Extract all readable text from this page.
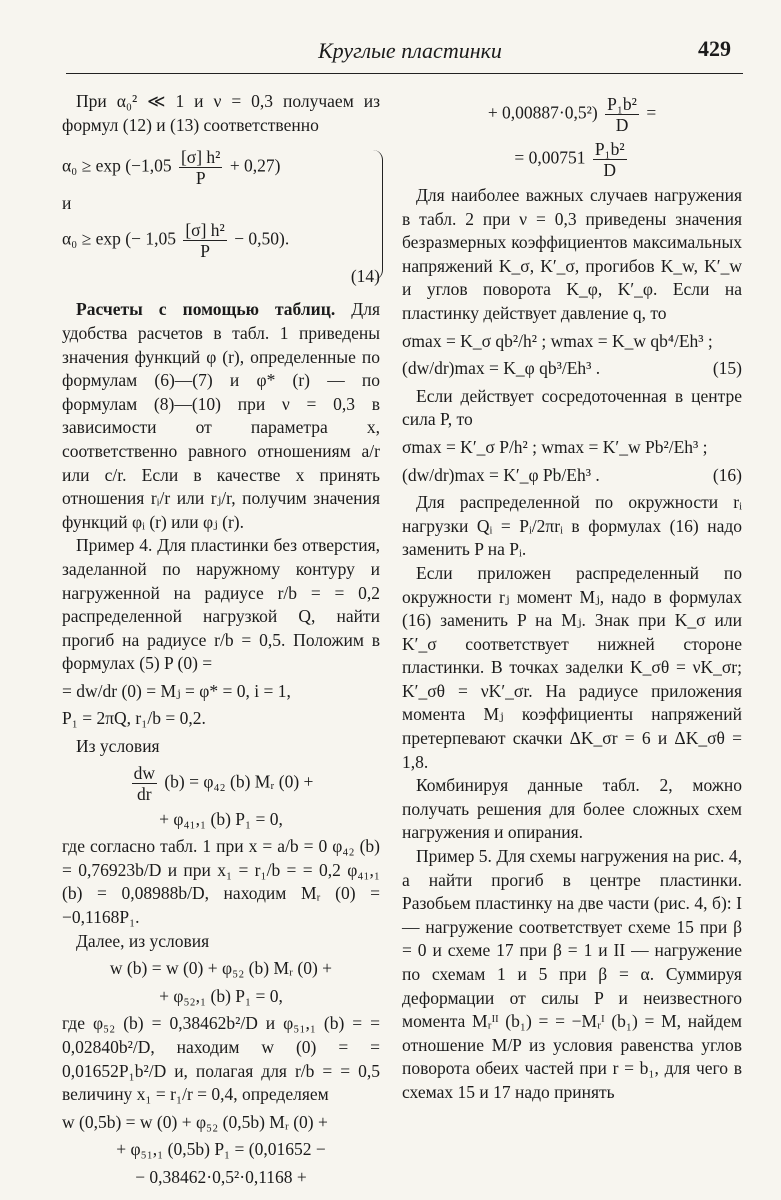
Круглые пластинки	429

При α₀² ≪ 1 и ν = 0,3 получаем из формул (12) и (13) соответственно

$\alpha_0 \ge \exp (-1,05 \frac{\text{[σ] h²}}{P} + 0,27)$
и
α₀ ≥ exp (− $1,05 \frac{\text{[σ] h²}}{P} - 0,50$).
(14)

Расчеты с помощью таблиц. Для удобства расчетов в табл. 1 приведены значения функций φ (r), определенные по формулам (6)—(7) и φ* (r) — по формулам (8)—(10) при ν = 0,3 в зависимости от параметра x, соответственно равного отношениям a/r или c/r. Если в качестве x принять отношения rᵢ/r или rⱼ/r, получим значения функций φᵢ (r) или φⱼ (r).

Пример 4. Для пластинки без отверстия, заделанной по наружному контуру и нагруженной на радиусе r/b = = 0,2 распределенной нагрузкой Q, найти прогиб на радиусе r/b = 0,5. Положим в формулах (5) P (0) =

= dw/dr (0) = Mⱼ = φ* = 0, i = 1,
P₁ = 2πQ, r₁/b = 0,2.

Из условия

$\frac{dw}{dr} (b) = \varphi_{42}$ (b) Mᵣ (0) +
+ φ₄₁,₁ (b) P₁ = 0,

где согласно табл. 1 при x = a/b = 0 φ₄₂ (b) = 0,76923b/D и при x₁ = r₁/b = = 0,2 φ₄₁,₁ (b) = 0,08988b/D, находим Mᵣ (0) = −0,1168P₁.

Далее, из условия

w (b) = w (0) + φ₅₂ (b) Mᵣ (0) +
+ φ₅₂,₁ (b) P₁ = 0,

где φ₅₂ (b) = 0,38462b²/D и φ₅₁,₁ (b) = = 0,02840b²/D, находим w (0) = = 0,01652P₁b²/D и, полагая для r/b = = 0,5 величину x₁ = r₁/r = 0,4, определяем

w (0,5b) = w (0) + φ₅₂ (0,5b) Mᵣ (0) +
+ φ₅₁,₁ (0,5b) P₁ = (0,01652 −
− 0,38462·0,5²·0,1168 +
+ $0,00887\cdot 0,5^2) \frac{\text{P₁b²}}{D}$ =
= $0,00751 \frac{\text{P₁b²}}{D}$

Для наиболее важных случаев нагружения в табл. 2 при ν = 0,3 приведены значения безразмерных коэффициентов максимальных напряжений K_σ, K′_σ, прогибов K_w, K′_w и углов поворота K_φ, K′_φ. Если на пластинку действует давление q, то

σmax = K_σ qb²/h² ; wmax = K_w qb⁴/Eh³ ;
(dw/dr)max = K_φ qb³/Eh³ .	(15)

Если действует сосредоточенная в центре сила P, то

σmax = K′_σ P/h² ; wmax = K′_w Pb²/Eh³ ;
(dw/dr)max = K′_φ Pb/Eh³ .	(16)

Для распределенной по окружности rᵢ нагрузки Qᵢ = Pᵢ/2πrᵢ в формулах (16) надо заменить P на Pᵢ.

Если приложен распределенный по окружности rⱼ момент Mⱼ, надо в формулах (16) заменить P на Mⱼ. Знак при K_σ или K′_σ соответствует нижней стороне пластинки. В точках заделки K_σθ = νK_σr; K′_σθ = νK′_σr. На радиусе приложения момента Mⱼ коэффициенты напряжений претерпевают скачки ΔK_σr = 6 и ΔK_σθ = 1,8.

Комбинируя данные табл. 2, можно получать решения для более сложных схем нагружения и опирания.

Пример 5. Для схемы нагружения на рис. 4, a найти прогиб в центре пластинки. Разобьем пластинку на две части (рис. 4, б): I — нагружение соответствует схеме 15 при β = 0 и схеме 17 при β = 1 и II — нагружение по схемам 1 и 5 при β = α. Суммируя деформации от силы P и неизвестного момента Mᵣᴵᴵ (b₁) = = −Mᵣᴵ (b₁) = M, найдем отношение M/P из условия равенства углов поворота обеих частей при r = b₁, для чего в схемах 15 и 17 надо принять
